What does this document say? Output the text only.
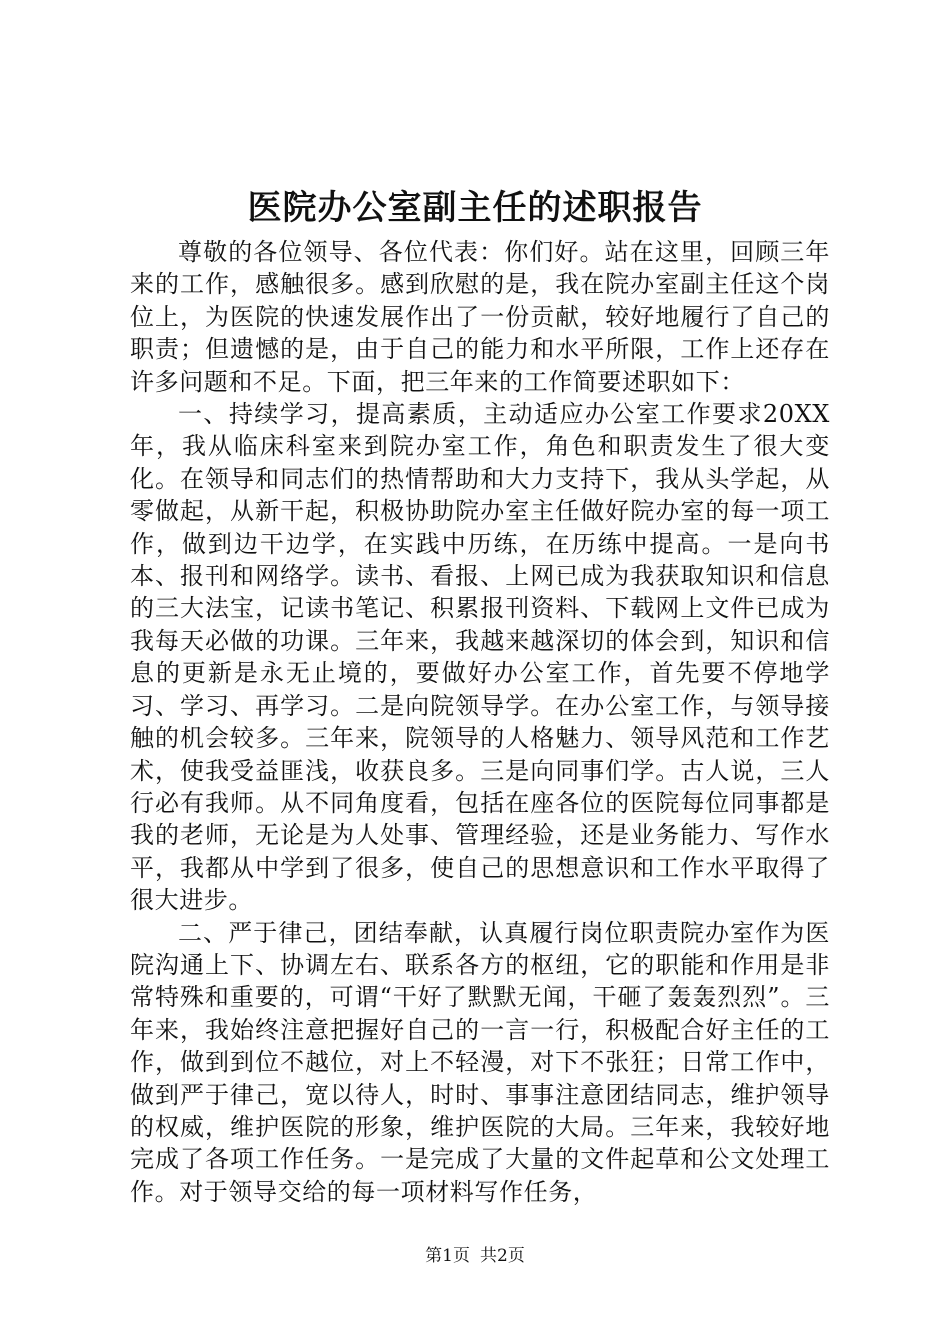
医院办公室副主任的述职报告

尊敬的各位领导、各位代表：你们好。站在这里，回顾三年来的工作，感触很多。感到欣慰的是，我在院办室副主任这个岗位上，为医院的快速发展作出了一份贡献，较好地履行了自己的职责；但遗憾的是，由于自己的能力和水平所限，工作上还存在许多问题和不足。下面，把三年来的工作简要述职如下：

一、持续学习，提高素质，主动适应办公室工作要求20XX年，我从临床科室来到院办室工作，角色和职责发生了很大变化。在领导和同志们的热情帮助和大力支持下，我从头学起，从零做起，从新干起，积极协助院办室主任做好院办室的每一项工作，做到边干边学，在实践中历练，在历练中提高。一是向书本、报刊和网络学。读书、看报、上网已成为我获取知识和信息的三大法宝，记读书笔记、积累报刊资料、下载网上文件已成为我每天必做的功课。三年来，我越来越深切的体会到，知识和信息的更新是永无止境的，要做好办公室工作，首先要不停地学习、学习、再学习。二是向院领导学。在办公室工作，与领导接触的机会较多。三年来，院领导的人格魅力、领导风范和工作艺术，使我受益匪浅，收获良多。三是向同事们学。古人说，三人行必有我师。从不同角度看，包括在座各位的医院每位同事都是我的老师，无论是为人处事、管理经验，还是业务能力、写作水平，我都从中学到了很多，使自己的思想意识和工作水平取得了很大进步。

二、严于律己，团结奉献，认真履行岗位职责院办室作为医院沟通上下、协调左右、联系各方的枢纽，它的职能和作用是非常特殊和重要的，可谓“干好了默默无闻，干砸了轰轰烈烈”。三年来，我始终注意把握好自己的一言一行，积极配合好主任的工作，做到到位不越位，对上不轻漫，对下不张狂；日常工作中，做到严于律己，宽以待人，时时、事事注意团结同志，维护领导的权威，维护医院的形象，维护医院的大局。三年来，我较好地完成了各项工作任务。一是完成了大量的文件起草和公文处理工作。对于领导交给的每一项材料写作任务，

第1页 共2页
